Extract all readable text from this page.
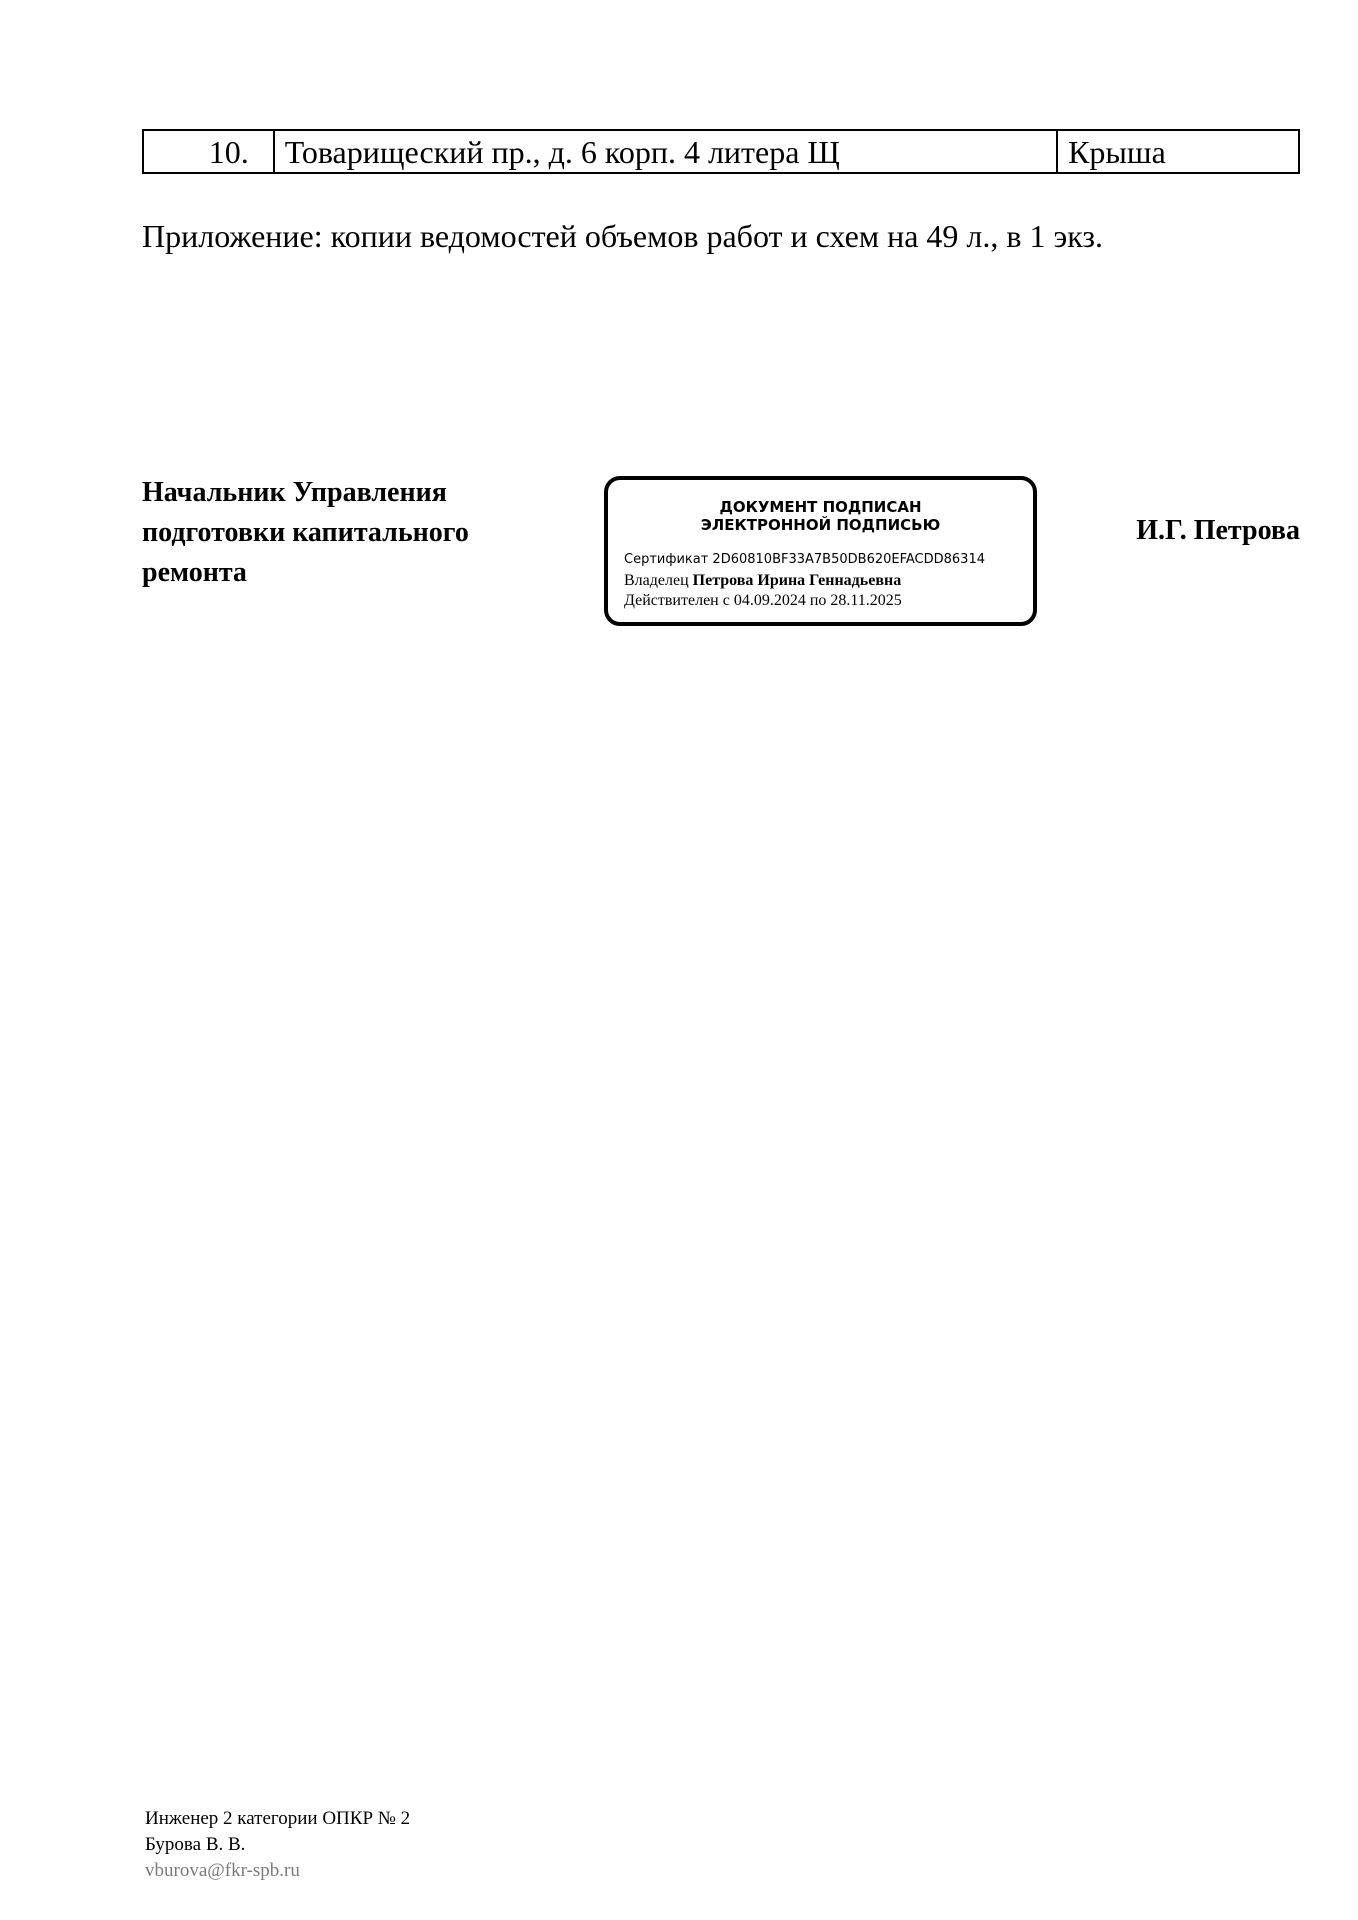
10.	Товарищеский пр., д. 6 корп. 4 литера Щ	Крыша
Приложение: копии ведомостей объемов работ и схем на 49 л., в 1 экз.
Начальник Управления
подготовки капитального
ремонта
ДОКУМЕНТ ПОДПИСАН
ЭЛЕКТРОННОЙ ПОДПИСЬЮ
Сертификат 2D60810BF33A7B50DB620EFACDD86314
Владелец Петрова Ирина Геннадьевна
Действителен с 04.09.2024 по 28.11.2025
И.Г. Петрова
Инженер 2 категории ОПКР № 2
Бурова В. В.
vburova@fkr-spb.ru
